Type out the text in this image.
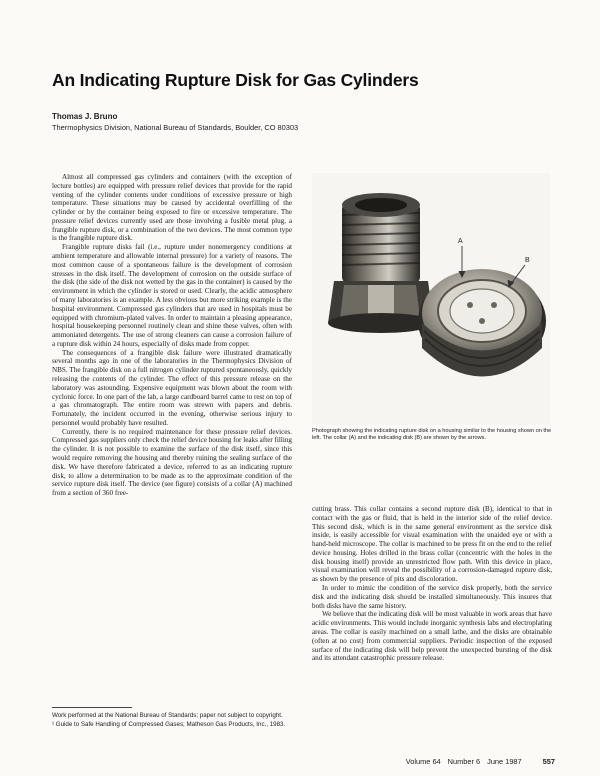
An Indicating Rupture Disk for Gas Cylinders
Thomas J. Bruno
Thermophysics Division, National Bureau of Standards, Boulder, CO 80303

Almost all compressed gas cylinders and containers (with the exception of lecture bottles) are equipped with pressure relief devices that provide for the rapid venting of the cylinder contents under conditions of excessive pressure or high temperature. These situations may be caused by accidental overfilling of the cylinder or by the container being exposed to fire or excessive temperature. The pressure relief devices currently used are those involving a fusible metal plug, a frangible rupture disk, or a combination of the two devices. The most common type is the frangible rupture disk.

Frangible rupture disks fail (i.e., rupture under nonemergency conditions at ambient temperature and allowable internal pressure) for a variety of reasons. The most common cause of a spontaneous failure is the development of corrosion stresses in the disk itself. The development of corrosion on the outside surface of the disk (the side of the disk not wetted by the gas in the container) is caused by the environment in which the cylinder is stored or used. Clearly, the acidic atmosphere of many laboratories is an example. A less obvious but more striking example is the hospital environment. Compressed gas cylinders that are used in hospitals must be equipped with chromium-plated valves. In order to maintain a pleasing appearance, hospital housekeeping personnel routinely clean and shine these valves, often with ammoniated detergents. The use of strong cleaners can cause a corrosion failure of a rupture disk within 24 hours, especially of disks made from copper.

The consequences of a frangible disk failure were illustrated dramatically several months ago in one of the laboratories in the Thermophysics Division of NBS. The frangible disk on a full nitrogen cylinder ruptured spontaneously, quickly releasing the contents of the cylinder. The effect of this pressure release on the laboratory was astounding. Expensive equipment was blown about the room with cyclonic force. In one part of the lab, a large cardboard barrel came to rest on top of a gas chromatograph. The entire room was strewn with papers and debris. Fortunately, the incident occurred in the evening, otherwise serious injury to personnel would probably have resulted.

Currently, there is no required maintenance for these pressure relief devices. Compressed gas suppliers only check the relief device housing for leaks after filling the cylinder. It is not possible to examine the surface of the disk itself, since this would require removing the housing and thereby ruining the sealing surface of the disk. We have therefore fabricated a device, referred to as an indicating rupture disk, to allow a determination to be made as to the approximate condition of the service rupture disk itself. The device (see figure) consists of a collar (A) machined from a section of 360 free-

A
B
Photograph showing the indicating rupture disk on a housing similar to the housing shown on the left. The collar (A) and the indicating disk (B) are shown by the arrows.

cutting brass. This collar contains a second rupture disk (B), identical to that in contact with the gas or fluid, that is held in the interior side of the relief device. This second disk, which is in the same general environment as the service disk inside, is easily accessible for visual examination with the unaided eye or with a hand-held microscope. The collar is machined to be press fit on the end to the relief device housing. Holes drilled in the brass collar (concentric with the holes in the disk housing itself) provide an unrestricted flow path. With this device in place, visual examination will reveal the possibility of a corrosion-damaged rupture disk, as shown by the presence of pits and discoloration.

In order to mimic the condition of the service disk properly, both the service disk and the indicating disk should be installed simultaneously. This insures that both disks have the same history.

We believe that the indicating disk will be most valuable in work areas that have acidic environments. This would include inorganic synthesis labs and electroplating areas. The collar is easily machined on a small lathe, and the disks are obtainable (often at no cost) from commercial suppliers. Periodic inspection of the exposed surface of the indicating disk will help prevent the unexpected bursting of the disk and its attendant catastrophic pressure release.

Work performed at the National Bureau of Standards; paper not subject to copyright.

¹ Guide to Safe Handling of Compressed Gases; Matheson Gas Products, Inc., 1983.

Volume 64 Number 6 June 1987	557
